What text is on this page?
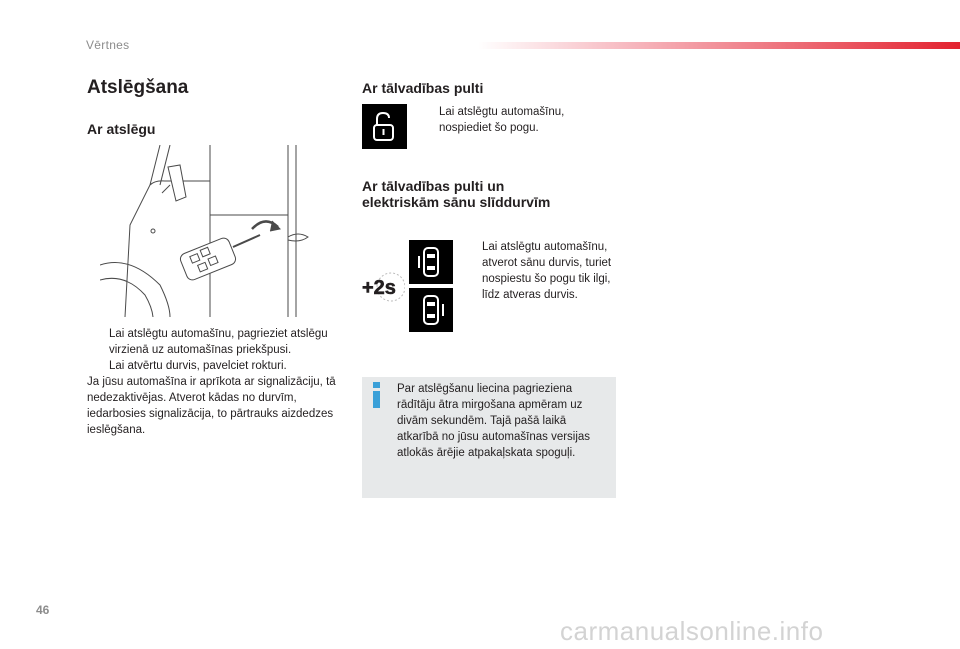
Vērtnes
Atslēgšana
Ar atslēgu
Lai atslēgtu automašīnu, pagrieziet atslēgu virzienā uz automašīnas priekšpusi.
Lai atvērtu durvis, pavelciet rokturi.
Ja jūsu automašīna ir aprīkota ar signalizāciju, tā nedezaktivējas. Atverot kādas no durvīm, iedarbosies signalizācija, to pārtrauks aizdedzes ieslēgšana.
Ar tālvadības pulti
Lai atslēgtu automašīnu, nospiediet šo pogu.
Ar tālvadības pulti un
elektriskām sānu slīddurvīm
+2s
Lai atslēgtu automašīnu, atverot sānu durvis, turiet nospiestu šo pogu tik ilgi, līdz atveras durvis.
Par atslēgšanu liecina pagrieziena rādītāju ātra mirgošana apmēram uz divām sekundēm. Tajā pašā laikā atkarībā no jūsu automašīnas versijas atlokās ārējie atpakaļskata spoguļi.
46
carmanualsonline.info
